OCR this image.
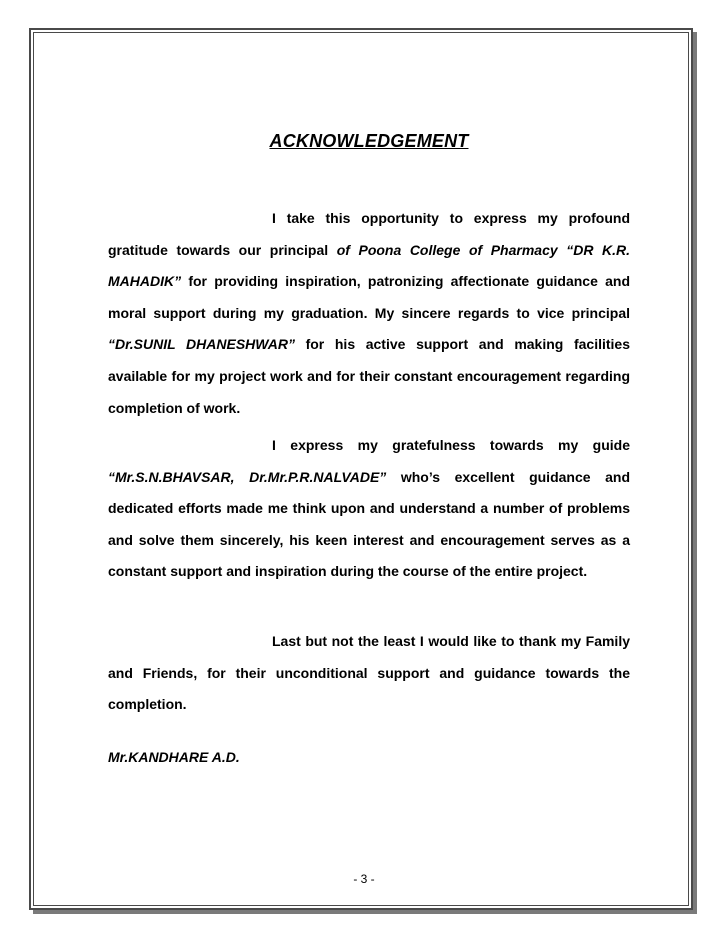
ACKNOWLEDGEMENT

I take this opportunity to express my profound gratitude towards our principal of Poona College of Pharmacy “DR K.R. MAHADIK” for providing inspiration, patronizing affectionate guidance and moral support during my graduation. My sincere regards to vice principal “Dr.SUNIL DHANESHWAR” for his active support and making facilities available for my project work and for their constant encouragement regarding completion of work.

I express my gratefulness towards my guide “Mr.S.N.BHAVSAR, Dr.Mr.P.R.NALVADE” who’s excellent guidance and dedicated efforts made me think upon and understand a number of problems and solve them sincerely, his keen interest and encouragement serves as a constant support and inspiration during the course of the entire project.

Last but not the least I would like to thank my Family and Friends, for their unconditional support and guidance towards the completion.

Mr.KANDHARE A.D.
- 3 -
